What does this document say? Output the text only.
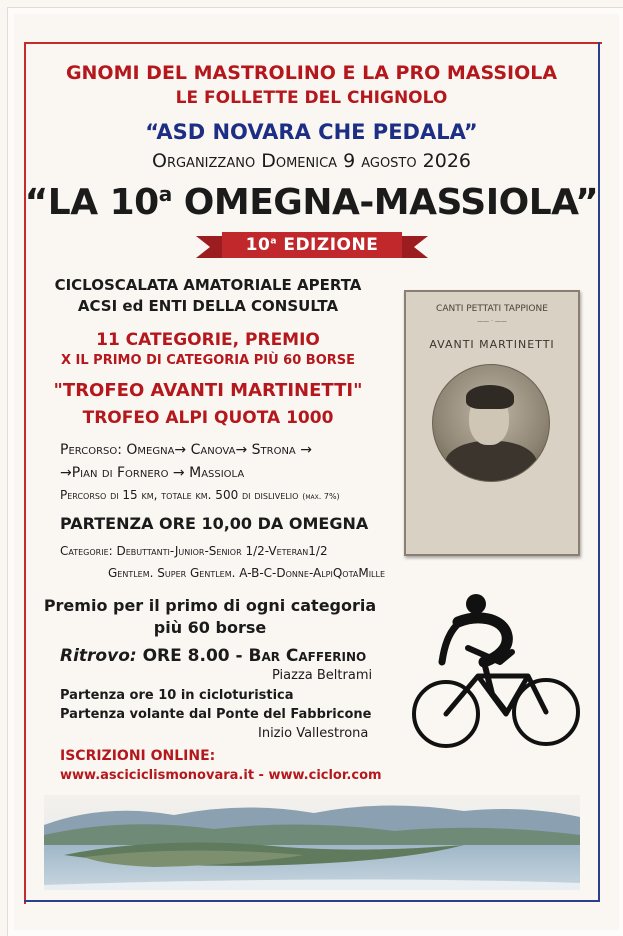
GNOMI DEL MASTROLINO E LA PRO MASSIOLA
LE FOLLETTE DEL CHIGNOLO
“ASD NOVARA CHE PEDALA”
Organizzano Domenica 9 agosto 2026
“LA 10$^a$ OMEGNA-MASSIOLA”
10$^a$ EDIZIONE
CICLOSCALATA AMATORIALE APERTA
ACSI ed ENTI DELLA CONSULTA
11 CATEGORIE, PREMIO
X IL PRIMO DI CATEGORIA PIÙ 60 BORSE
"TROFEO AVANTI MARTINETTI"
TROFEO ALPI QUOTA 1000
Percorso: Omegna→ Canova→ Strona →
→Pian di Fornero → Massiola
Percorso di 15 km, totale km. 500 di dislivelio (max. 7%)
PARTENZA ORE 10,00 DA OMEGNA
Categorie: Debuttanti-Junior-Senior 1/2-Veteran1/2
Gentlem. Super Gentlem. A-B-C-Donne-AlpiQotaMille
Premio per il primo di ogni categoria
più 60 borse
Ritrovo: ORE 8.00 - Bar Cafferino
Piazza Beltrami
Partenza ore 10 in cicloturistica
Partenza volante dal Ponte del Fabbricone
Inizio Vallestrona
ISCRIZIONI ONLINE:
www.asciciclismonovara.it - www.ciclor.com
CANTI PETTATI TAPPIONE
—— · ——
AVANTI MARTINETTI
